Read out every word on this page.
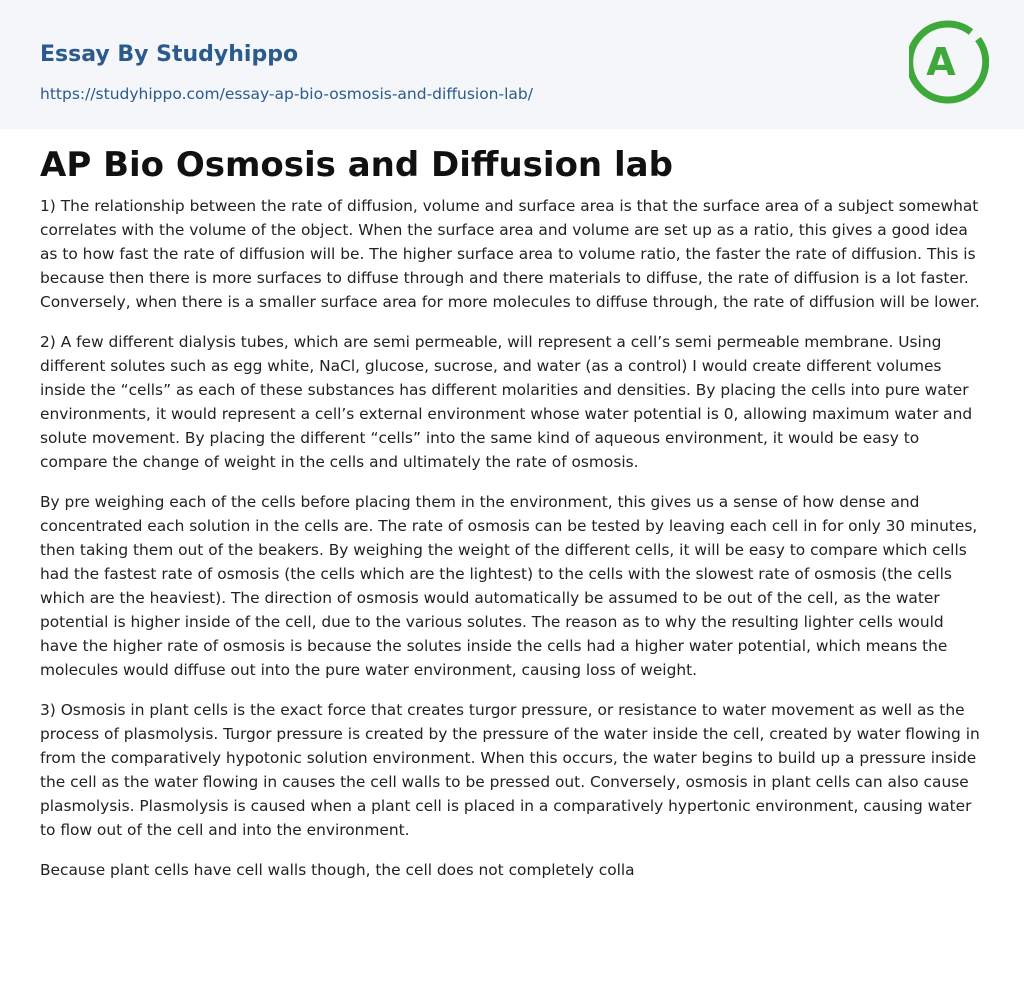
Essay By Studyhippo
https://studyhippo.com/essay-ap-bio-osmosis-and-diffusion-lab/
A
AP Bio Osmosis and Diffusion lab

1) The relationship between the rate of diffusion, volume and surface area is that the surface area of a subject somewhat correlates with the volume of the object. When the surface area and volume are set up as a ratio, this gives a good idea as to how fast the rate of diffusion will be. The higher surface area to volume ratio, the faster the rate of diffusion. This is because then there is more surfaces to diffuse through and there materials to diffuse, the rate of diffusion is a lot faster. Conversely, when there is a smaller surface area for more molecules to diffuse through, the rate of diffusion will be lower.

2) A few different dialysis tubes, which are semi permeable, will represent a cell’s semi permeable membrane. Using different solutes such as egg white, NaCl, glucose, sucrose, and water (as a control) I would create different volumes inside the “cells” as each of these substances has different molarities and densities. By placing the cells into pure water environments, it would represent a cell’s external environment whose water potential is 0, allowing maximum water and solute movement. By placing the different “cells” into the same kind of aqueous environment, it would be easy to compare the change of weight in the cells and ultimately the rate of osmosis.

By pre weighing each of the cells before placing them in the environment, this gives us a sense of how dense and concentrated each solution in the cells are. The rate of osmosis can be tested by leaving each cell in for only 30 minutes, then taking them out of the beakers. By weighing the weight of the different cells, it will be easy to compare which cells had the fastest rate of osmosis (the cells which are the lightest) to the cells with the slowest rate of osmosis (the cells which are the heaviest). The direction of osmosis would automatically be assumed to be out of the cell, as the water potential is higher inside of the cell, due to the various solutes. The reason as to why the resulting lighter cells would have the higher rate of osmosis is because the solutes inside the cells had a higher water potential, which means the molecules would diffuse out into the pure water environment, causing loss of weight.

3) Osmosis in plant cells is the exact force that creates turgor pressure, or resistance to water movement as well as the process of plasmolysis. Turgor pressure is created by the pressure of the water inside the cell, created by water flowing in from the comparatively hypotonic solution environment. When this occurs, the water begins to build up a pressure inside the cell as the water flowing in causes the cell walls to be pressed out. Conversely, osmosis in plant cells can also cause plasmolysis. Plasmolysis is caused when a plant cell is placed in a comparatively hypertonic environment, causing water to flow out of the cell and into the environment.

Because plant cells have cell walls though, the cell does not completely colla
